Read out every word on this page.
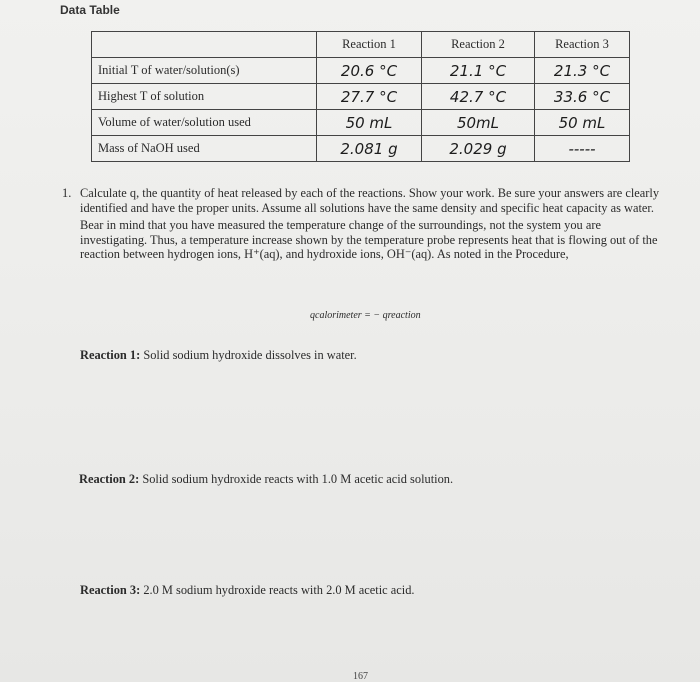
Data Table
	Reaction 1	Reaction 2	Reaction 3
Initial T of water/solution(s)	20.6 °C	21.1 °C	21.3 °C
Highest T of solution	27.7 °C	42.7 °C	33.6 °C
Volume of water/solution used	50 mL	50mL	50 mL
Mass of NaOH used	2.081 g	2.029 g	-----
1. Calculate q, the quantity of heat released by each of the reactions. Show your work. Be sure your answers are clearly identified and have the proper units. Assume all solutions have the same density and specific heat capacity as water.

Bear in mind that you have measured the temperature change of the surroundings, not the system you are investigating. Thus, a temperature increase shown by the temperature probe represents heat that is flowing out of the reaction between hydrogen ions, H⁺(aq), and hydroxide ions, OH⁻(aq). As noted in the Procedure,

qcalorimeter = − qreaction
Reaction 1: Solid sodium hydroxide dissolves in water.
Reaction 2: Solid sodium hydroxide reacts with 1.0 M acetic acid solution.
Reaction 3: 2.0 M sodium hydroxide reacts with 2.0 M acetic acid.
167
